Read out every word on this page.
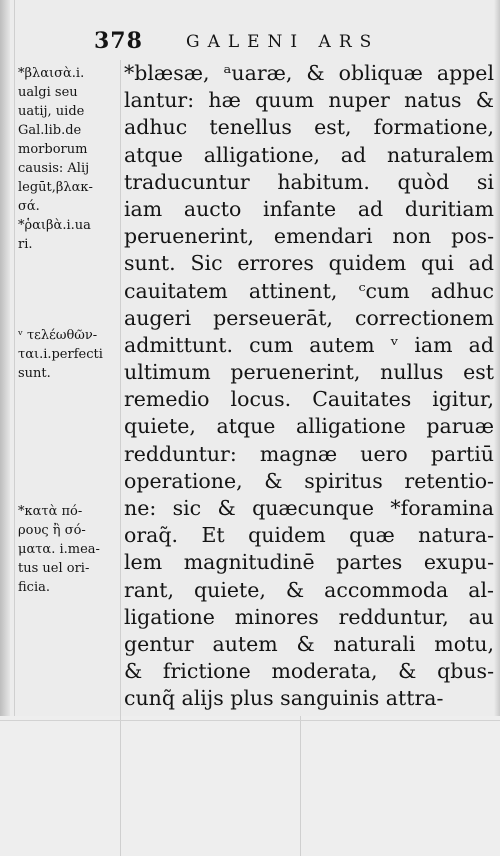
378	GALENI ARS
*βλαισὰ.i.
ualgi seu
uatij, uide
Gal.lib.de
morborum
causis: Alij
legūt,βλακ-
σά.
*ῥαιβὰ.i.ua
ri.
ᵛ τελέωθῶν-
ται.i.perfecti
sunt.
*κατὰ πό-
ρους ἢ σό-
ματα. i.mea-
tus uel ori-
ficia.
*blæsæ, ᵃuaræ, & obliquæ appel
lantur: hæ quum nuper natus &
adhuc tenellus est, formatione,
atque alligatione, ad naturalem
traducuntur habitum. quòd si
iam aucto infante ad duritiam
peruenerint, emendari non pos-
sunt. Sic errores quidem qui ad
cauitatem attinent, ᶜcum adhuc
augeri perseuerāt, correctionem
admittunt. cum autem ᵛ iam ad
ultimum peruenerint, nullus est
remedio locus. Cauitates igitur,
quiete, atque alligatione paruæ
redduntur: magnæ uero partiū
operatione, & spiritus retentio-
ne: sic & quæcunque *foramina
oraq̃. Et quidem quæ natura-
lem magnitudinē partes exupu-
rant, quiete, & accommoda al-
ligatione minores redduntur, au
gentur autem & naturali motu,
& frictione moderata, & qbus-
cunq̃ alijs plus sanguinis attra-
